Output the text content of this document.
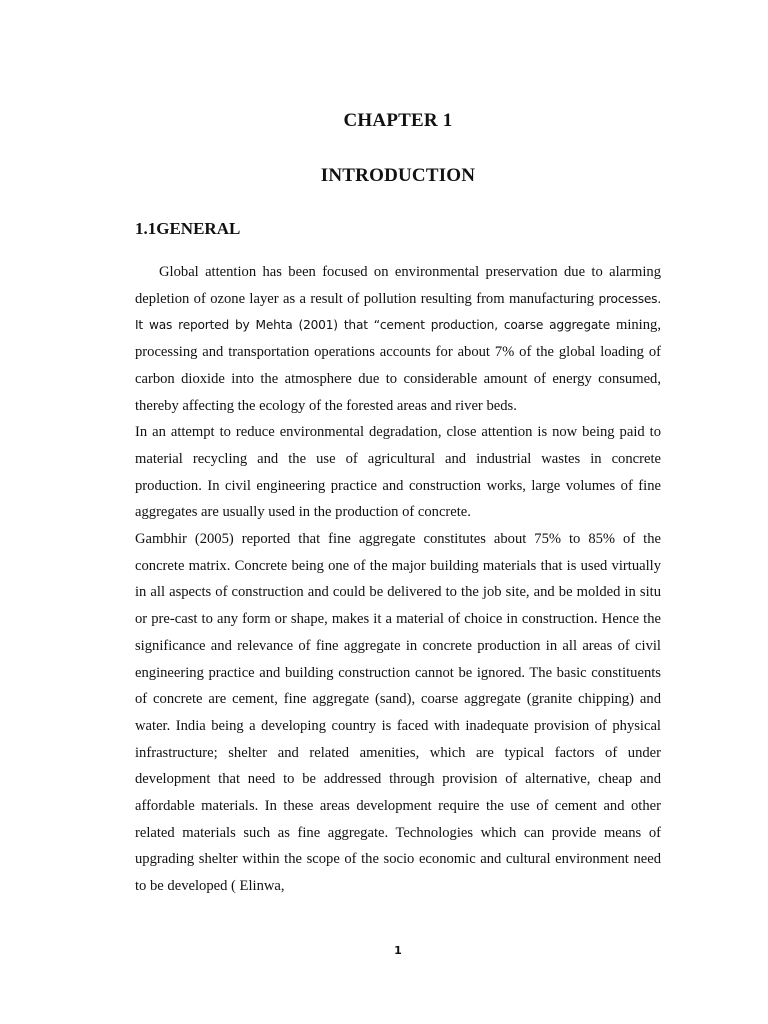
CHAPTER 1
INTRODUCTION
1.1GENERAL

Global attention has been focused on environmental preservation due to alarming depletion of ozone layer as a result of pollution resulting from manufacturing processes. It was reported by Mehta (2001) that “cement production, coarse aggregate mining, processing and transportation operations accounts for about 7% of the global loading of carbon dioxide into the atmosphere due to considerable amount of energy consumed, thereby affecting the ecology of the forested areas and river beds.

In an attempt to reduce environmental degradation, close attention is now being paid to material recycling and the use of agricultural and industrial wastes in concrete production. In civil engineering practice and construction works, large volumes of fine aggregates are usually used in the production of concrete.

Gambhir (2005) reported that fine aggregate constitutes about 75% to 85% of the concrete matrix. Concrete being one of the major building materials that is used virtually in all aspects of construction and could be delivered to the job site, and be molded in situ or pre-cast to any form or shape, makes it a material of choice in construction. Hence the significance and relevance of fine aggregate in concrete production in all areas of civil engineering practice and building construction cannot be ignored. The basic constituents of concrete are cement, fine aggregate (sand), coarse aggregate (granite chipping) and water. India being a developing country is faced with inadequate provision of physical infrastructure; shelter and related amenities, which are typical factors of under development that need to be addressed through provision of alternative, cheap and affordable materials. In these areas development require the use of cement and other related materials such as fine aggregate. Technologies which can provide means of upgrading shelter within the scope of the socio economic and cultural environment need to be developed ( Elinwa,

1
